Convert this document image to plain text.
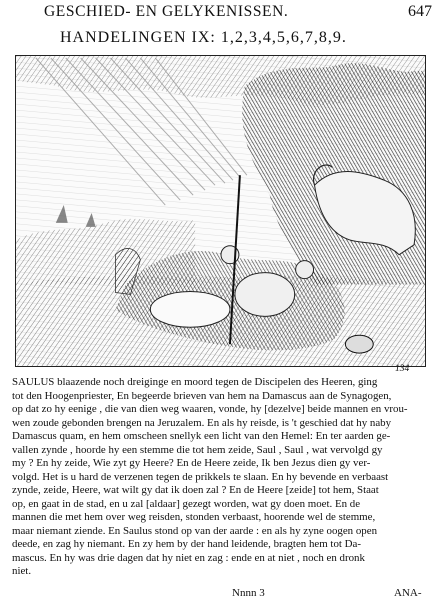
GESCHIED- EN GELYKENISSEN.	647
HANDELINGEN IX: 1,2,3,4,5,6,7,8,9.
134
SAULUS blaazende noch dreiginge en moord tegen de Discipelen des Heeren, ging
tot den Hoogenpriester, En begeerde brieven van hem na Damascus aan de Synagogen,
op dat zo hy eenige , die van dien weg waaren, vonde, hy [dezelve] beide mannen en vrou-
wen zoude gebonden brengen na Jeruzalem. En als hy reisde, is 't geschied dat hy naby
Damascus quam, en hem omscheen snellyk een licht van den Hemel: En ter aarden ge-
vallen zynde , hoorde hy een stemme die tot hem zeide, Saul , Saul , wat vervolgd gy
my ? En hy zeide, Wie zyt gy Heere? En de Heere zeide, Ik ben Jezus dien gy ver-
volgd. Het is u hard de verzenen tegen de prikkels te slaan. En hy bevende en verbaast
zynde, zeide, Heere, wat wilt gy dat ik doen zal ? En de Heere [zeide] tot hem, Staat
op, en gaat in de stad, en u zal [aldaar] gezegt worden, wat gy doen moet. En de
mannen die met hem over weg reisden, stonden verbaast, hoorende wel de stemme,
maar niemant ziende. En Saulus stond op van der aarde : en als hy zyne oogen open
deede, en zag hy niemant. En zy hem by der hand leidende, bragten hem tot Da-
mascus. En hy was drie dagen dat hy niet en zag : ende en at niet , noch en dronk
niet.
Nnnn 3	ANA-
